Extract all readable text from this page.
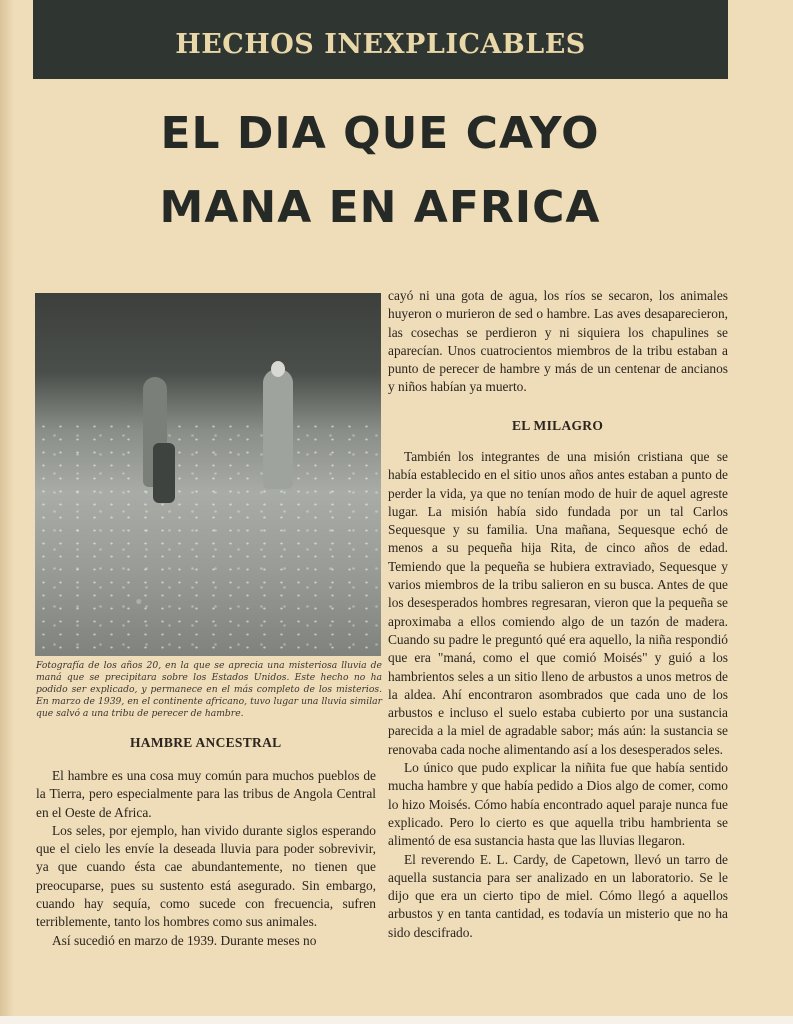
HECHOS INEXPLICABLES
EL DIA QUE CAYO
MANA EN AFRICA
Fotografía de los años 20, en la que se aprecia una misteriosa lluvia de maná que se precipitara sobre los Estados Unidos. Este hecho no ha podido ser explicado, y permanece en el más completo de los misterios. En marzo de 1939, en el continente africano, tuvo lugar una lluvia similar que salvó a una tribu de perecer de hambre.
HAMBRE ANCESTRAL

El hambre es una cosa muy común para muchos pueblos de la Tierra, pero especialmente para las tribus de Angola Central en el Oeste de Africa.

Los seles, por ejemplo, han vivido durante siglos esperando que el cielo les envíe la deseada lluvia para poder sobrevivir, ya que cuando ésta cae abundantemente, no tienen que preocuparse, pues su sustento está asegurado. Sin embargo, cuando hay sequía, como sucede con frecuencia, sufren terriblemente, tanto los hombres como sus animales.

Así sucedió en marzo de 1939. Durante meses no

cayó ni una gota de agua, los ríos se secaron, los animales huyeron o murieron de sed o hambre. Las aves desaparecieron, las cosechas se perdieron y ni siquiera los chapulines se aparecían. Unos cuatrocientos miembros de la tribu estaban a punto de perecer de hambre y más de un centenar de ancianos y niños habían ya muerto.

EL MILAGRO

También los integrantes de una misión cristiana que se había establecido en el sitio unos años antes estaban a punto de perder la vida, ya que no tenían modo de huir de aquel agreste lugar. La misión había sido fundada por un tal Carlos Sequesque y su familia. Una mañana, Sequesque echó de menos a su pequeña hija Rita, de cinco años de edad. Temiendo que la pequeña se hubiera extraviado, Sequesque y varios miembros de la tribu salieron en su busca. Antes de que los desesperados hombres regresaran, vieron que la pequeña se aproximaba a ellos comiendo algo de un tazón de madera. Cuando su padre le preguntó qué era aquello, la niña respondió que era "maná, como el que comió Moisés" y guió a los hambrientos seles a un sitio lleno de arbustos a unos metros de la aldea. Ahí encontraron asombrados que cada uno de los arbustos e incluso el suelo estaba cubierto por una sustancia parecida a la miel de agradable sabor; más aún: la sustancia se renovaba cada noche alimentando así a los desesperados seles.

Lo único que pudo explicar la niñita fue que había sentido mucha hambre y que había pedido a Dios algo de comer, como lo hizo Moisés. Cómo había encontrado aquel paraje nunca fue explicado. Pero lo cierto es que aquella tribu hambrienta se alimentó de esa sustancia hasta que las lluvias llegaron.

El reverendo E. L. Cardy, de Capetown, llevó un tarro de aquella sustancia para ser analizado en un laboratorio. Se le dijo que era un cierto tipo de miel. Cómo llegó a aquellos arbustos y en tanta cantidad, es todavía un misterio que no ha sido descifrado.
